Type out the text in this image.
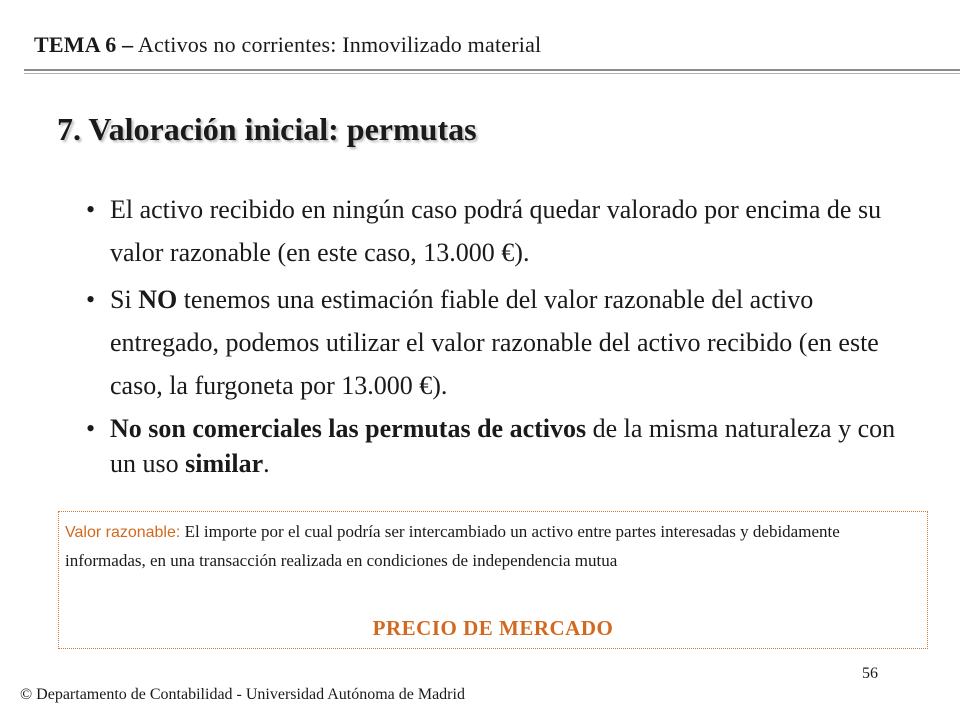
TEMA 6 – Activos no corrientes: Inmovilizado material
7. Valoración inicial: permutas
• El activo recibido en ningún caso podrá quedar valorado por encima de su valor razonable (en este caso, 13.000 €).
• Si NO tenemos una estimación fiable del valor razonable del activo entregado, podemos utilizar el valor razonable del activo recibido (en este caso, la furgoneta por 13.000 €).
• No son comerciales las permutas de activos de la misma naturaleza y con un uso similar.
Valor razonable: El importe por el cual podría ser intercambiado un activo entre partes interesadas y debidamente informadas, en una transacción realizada en condiciones de independencia mutua
PRECIO DE MERCADO
56
© Departamento de Contabilidad - Universidad Autónoma de Madrid
